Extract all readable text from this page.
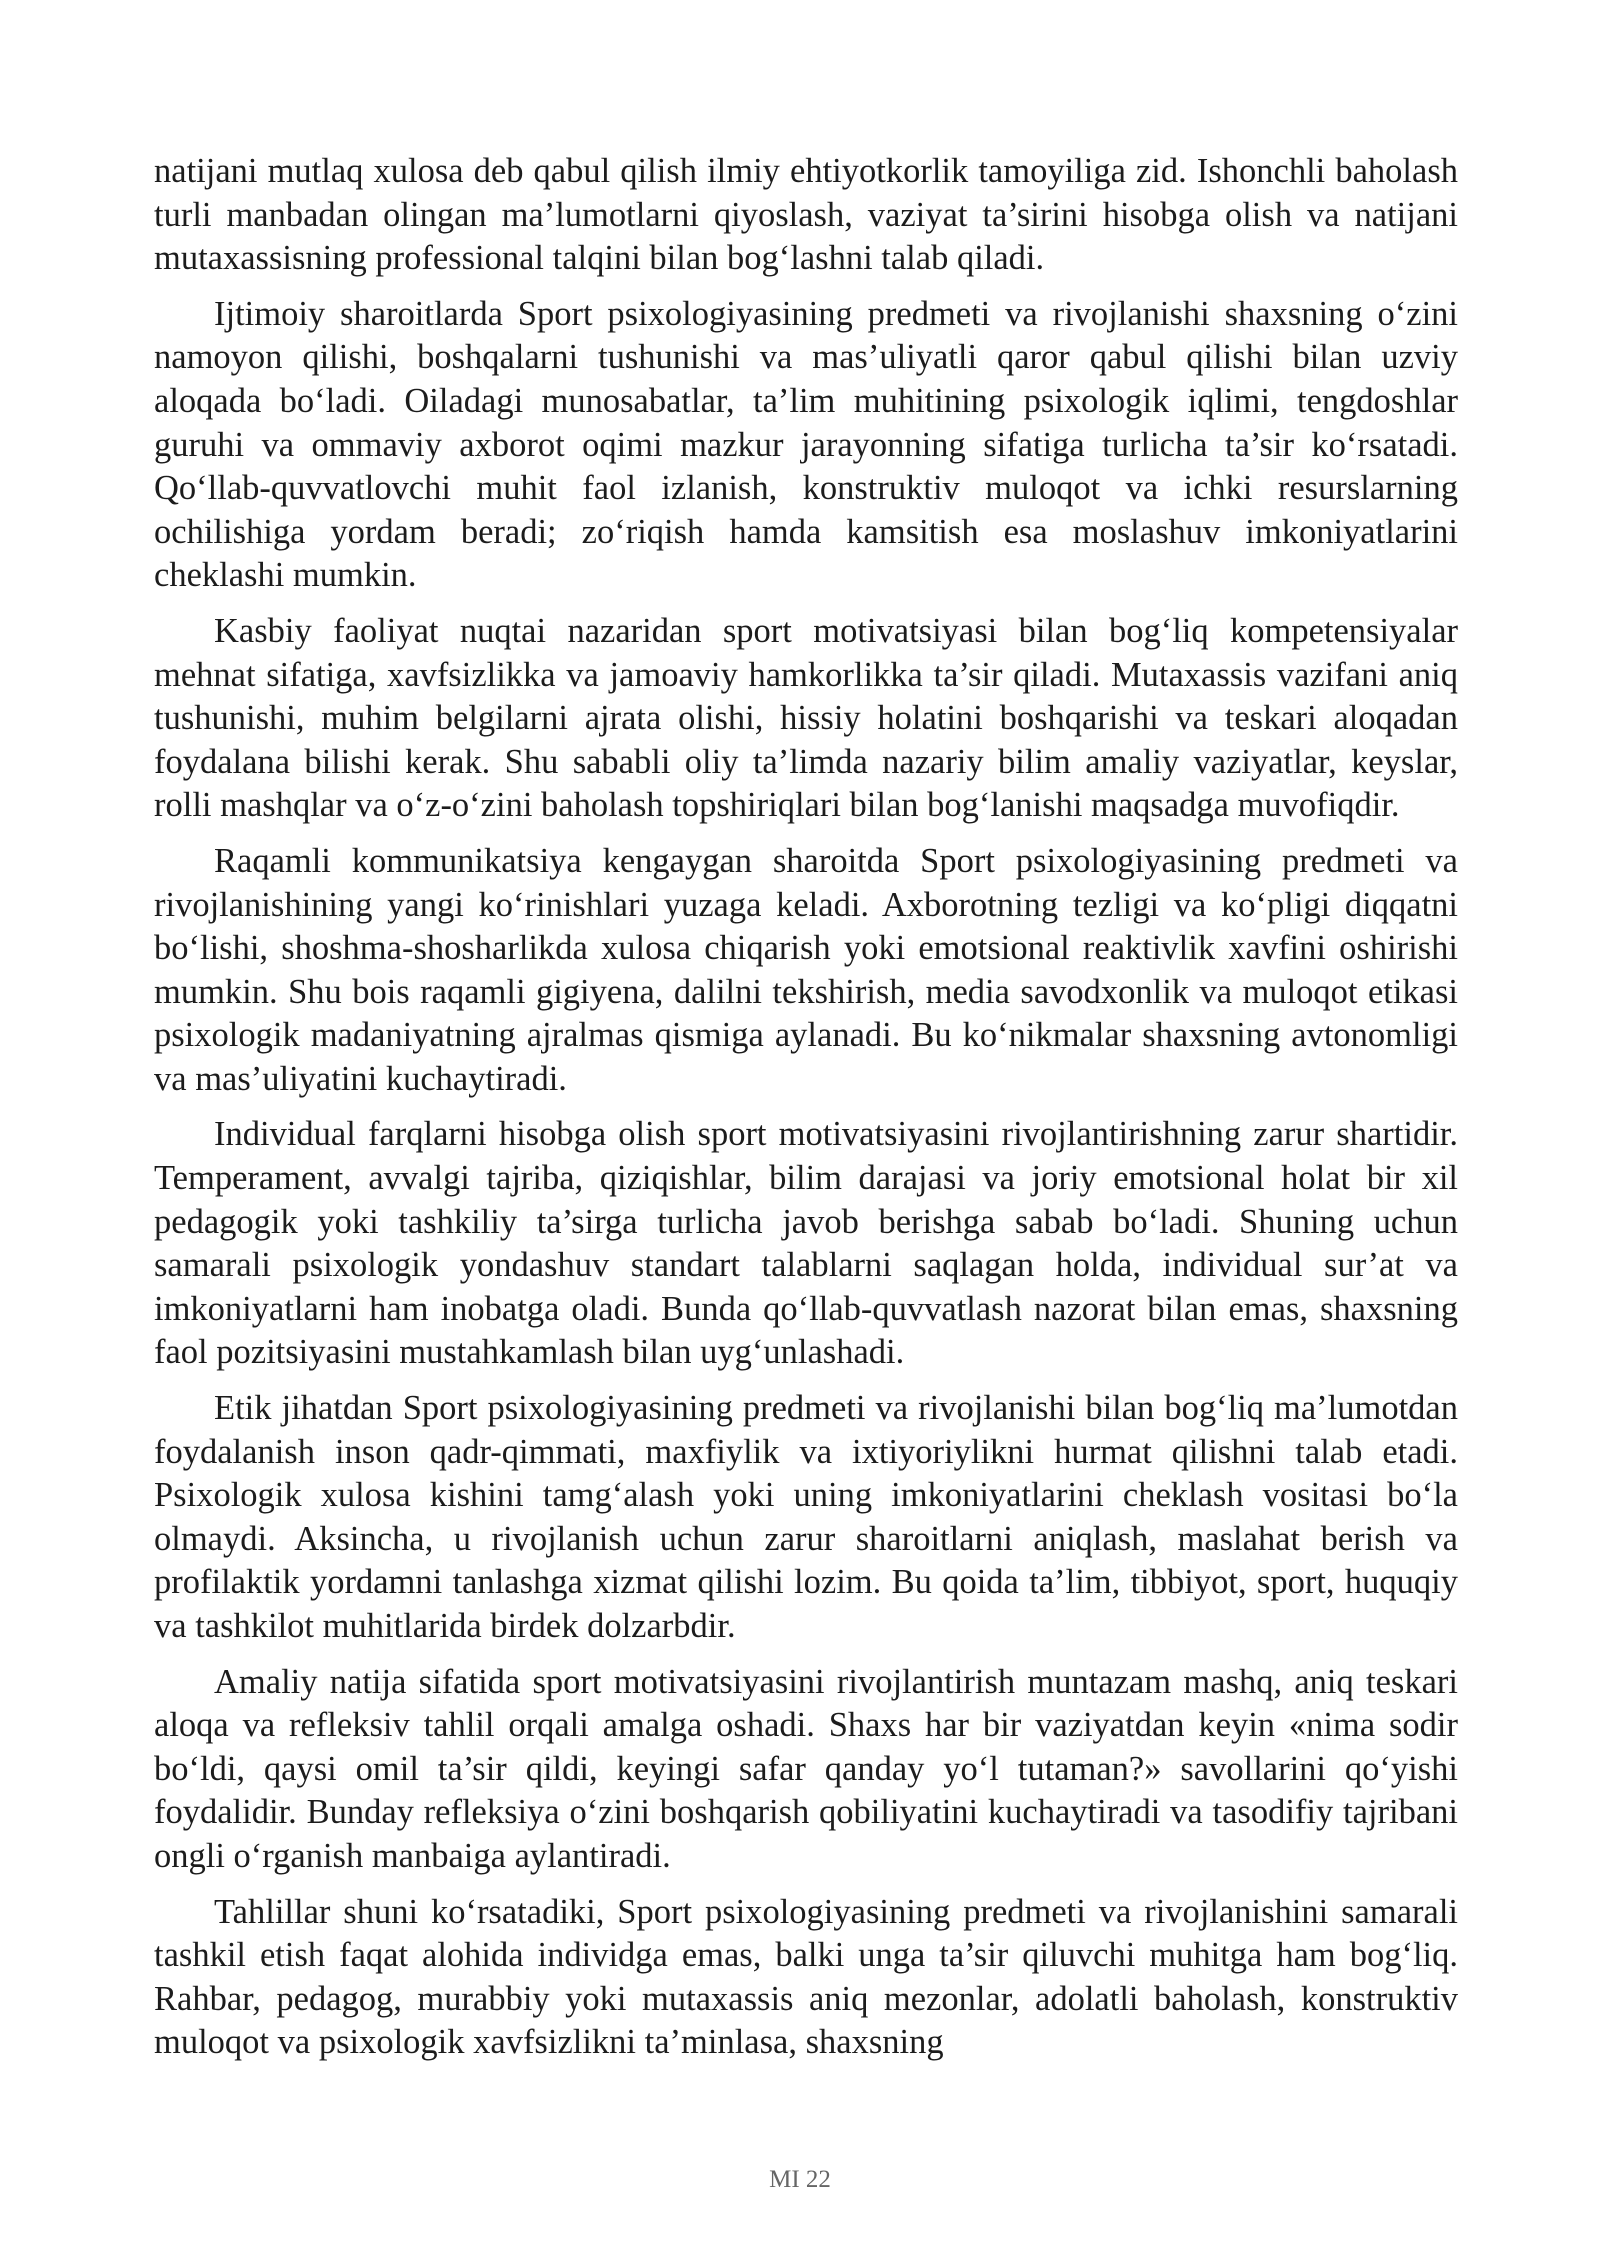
natijani mutlaq xulosa deb qabul qilish ilmiy ehtiyotkorlik tamoyiliga zid. Ishonchli baholash turli manbadan olingan ma’lumotlarni qiyoslash, vaziyat ta’sirini hisobga olish va natijani mutaxassisning professional talqini bilan bog‘lashni talab qiladi.

Ijtimoiy sharoitlarda Sport psixologiyasining predmeti va rivojlanishi shaxsning o‘zini namoyon qilishi, boshqalarni tushunishi va mas’uliyatli qaror qabul qilishi bilan uzviy aloqada bo‘ladi. Oiladagi munosabatlar, ta’lim muhitining psixologik iqlimi, tengdoshlar guruhi va ommaviy axborot oqimi mazkur jarayonning sifatiga turlicha ta’sir ko‘rsatadi. Qo‘llab-quvvatlovchi muhit faol izlanish, konstruktiv muloqot va ichki resurslarning ochilishiga yordam beradi; zo‘riqish hamda kamsitish esa moslashuv imkoniyatlarini cheklashi mumkin.

Kasbiy faoliyat nuqtai nazaridan sport motivatsiyasi bilan bog‘liq kompetensiyalar mehnat sifatiga, xavfsizlikka va jamoaviy hamkorlikka ta’sir qiladi. Mutaxassis vazifani aniq tushunishi, muhim belgilarni ajrata olishi, hissiy holatini boshqarishi va teskari aloqadan foydalana bilishi kerak. Shu sababli oliy ta’limda nazariy bilim amaliy vaziyatlar, keyslar, rolli mashqlar va o‘z-o‘zini baholash topshiriqlari bilan bog‘lanishi maqsadga muvofiqdir.

Raqamli kommunikatsiya kengaygan sharoitda Sport psixologiyasining predmeti va rivojlanishining yangi ko‘rinishlari yuzaga keladi. Axborotning tezligi va ko‘pligi diqqatni bo‘lishi, shoshma-shosharlikda xulosa chiqarish yoki emotsional reaktivlik xavfini oshirishi mumkin. Shu bois raqamli gigiyena, dalilni tekshirish, media savodxonlik va muloqot etikasi psixologik madaniyatning ajralmas qismiga aylanadi. Bu ko‘nikmalar shaxsning avtonomligi va mas’uliyatini kuchaytiradi.

Individual farqlarni hisobga olish sport motivatsiyasini rivojlantirishning zarur shartidir. Temperament, avvalgi tajriba, qiziqishlar, bilim darajasi va joriy emotsional holat bir xil pedagogik yoki tashkiliy ta’sirga turlicha javob berishga sabab bo‘ladi. Shuning uchun samarali psixologik yondashuv standart talablarni saqlagan holda, individual sur’at va imkoniyatlarni ham inobatga oladi. Bunda qo‘llab-quvvatlash nazorat bilan emas, shaxsning faol pozitsiyasini mustahkamlash bilan uyg‘unlashadi.

Etik jihatdan Sport psixologiyasining predmeti va rivojlanishi bilan bog‘liq ma’lumotdan foydalanish inson qadr-qimmati, maxfiylik va ixtiyoriylikni hurmat qilishni talab etadi. Psixologik xulosa kishini tamg‘alash yoki uning imkoniyatlarini cheklash vositasi bo‘la olmaydi. Aksincha, u rivojlanish uchun zarur sharoitlarni aniqlash, maslahat berish va profilaktik yordamni tanlashga xizmat qilishi lozim. Bu qoida ta’lim, tibbiyot, sport, huquqiy va tashkilot muhitlarida birdek dolzarbdir.

Amaliy natija sifatida sport motivatsiyasini rivojlantirish muntazam mashq, aniq teskari aloqa va refleksiv tahlil orqali amalga oshadi. Shaxs har bir vaziyatdan keyin «nima sodir bo‘ldi, qaysi omil ta’sir qildi, keyingi safar qanday yo‘l tutaman?» savollarini qo‘yishi foydalidir. Bunday refleksiya o‘zini boshqarish qobiliyatini kuchaytiradi va tasodifiy tajribani ongli o‘rganish manbaiga aylantiradi.

Tahlillar shuni ko‘rsatadiki, Sport psixologiyasining predmeti va rivojlanishini samarali tashkil etish faqat alohida individga emas, balki unga ta’sir qiluvchi muhitga ham bog‘liq. Rahbar, pedagog, murabbiy yoki mutaxassis aniq mezonlar, adolatli baholash, konstruktiv muloqot va psixologik xavfsizlikni ta’minlasa, shaxsning

MI 22
